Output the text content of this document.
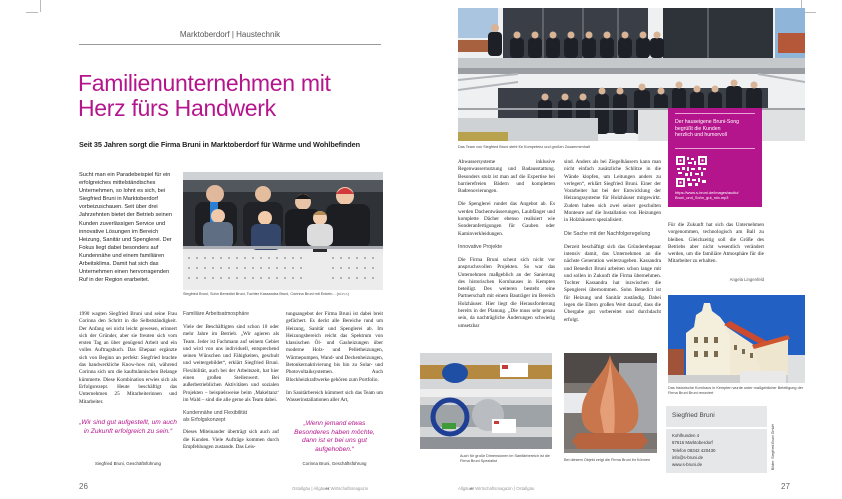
Marktoberdorf | Haustechnik
Familienunternehmen mit
Herz fürs Handwerk
Seit 35 Jahren sorgt die Firma Bruni in Marktoberdorf für Wärme und Wohlbefinden
Sucht man ein Paradebeispiel für ein erfolgreiches mittelständisches Unternehmen, so lohnt es sich, bei Siegfried Bruni in Marktoberdorf vorbeizuschauen. Seit über drei Jahrzehnten bietet der Betrieb seinen Kunden zuverlässigen Service und innovative Lösungen im Bereich Heizung, Sanitär und Spenglerei. Der Fokus liegt dabei besonders auf Kundennähe und einem familiären Arbeitsklima. Damit hat sich das Unternehmen einen hervorragenden Ruf in der Region erarbeitet.
Siegfried Bruni, Sohn Benedict Bruni, Tochter Kassandra Bruni, Corinna Bruni mit Enkeln... (v.l.n.r.)

1990 wagten Siegfried Bruni und seine Frau Corinna den Schritt in die Selbstständigkeit. Der Anfang sei nicht leicht gewesen, erinnert sich der Gründer, aber sie freuten sich vom ersten Tag an über genügend Arbeit und ein volles Auftragsbuch. Das Ehepaar ergänzte sich von Beginn an perfekt: Siegfried brachte das handwerkliche Know-how mit, während Corinna sich um die kaufmännischen Belange kümmerte. Diese Kombination erwies sich als Erfolgsrezept. Heute beschäftigt das Unternehmen 25 Mitarbeiterinnen und Mitarbeiter.

„Wir sind gut aufgestellt, um auch in Zukunft erfolgreich zu sein.“
Siegfried Bruni, Geschäftsführung
Familiäre Arbeitsatmosphäre

Viele der Beschäftigten sind schon 10 oder mehr Jahre im Betrieb. „Wir agieren als Team. Jeder ist Fachmann auf seinem Gebiet und wird von uns individuell, entsprechend seinen Wünschen und Fähigkeiten, geschult und weitergebildet“, erklärt Siegfried Bruni. Flexibilität, auch bei der Arbeitszeit, hat hier einen großen Stellenwert. Bei außerbetrieblichen Aktivitäten und sozialen Projekten – beispielsweise beim ‚Makeltanz‘ im Wald – sind die alle gerne als Team dabei.

Kundennähe und Flexibilität
als Erfolgskonzept

Dieses Miteinander überträgt sich auch auf die Kunden. Viele Aufträge kommen durch Empfehlungen zustande. Das Leis-

tungsangebot der Firma Bruni ist dabei breit gefächert. Es deckt alle Bereiche rund um Heizung, Sanitär und Spenglerei ab. Im Heizungsbereich reicht das Spektrum von klassischen Öl- und Gasheizungen über moderne Holz- und Pelletheizungen, Wärmepumpen, Wand- und Deckenheizungen, Betonkernaktivierung bis hin zu Solar- und Photovoltaiksystemen. Auch Blockheizkraftwerke gehören zum Portfolio.

Im Sanitärbereich kümmert sich das Team um Wasserinstallationen aller Art,

„Wenn jemand etwas Besonderes haben möchte, dann ist er bei uns gut aufgehoben.“
Corinna Bruni, Geschäftsführung
26	Ostallgäu | Allgäuer Wirtschaftsmagazin
Das Team von Siegfried Bruni steht für Kompetenz und großen Zusammenhalt
Der hauseigene Bruni-Song
begrüßt die Kunden
herzlich und humorvoll
https://www.s-bruni.de/images/audio/
Bruni_und_Sohn_gut_mix.mp3

Abwassersysteme inklusive Regenwassernutzung und Badausstattung. Besonders stolz ist man auf die Expertise bei barrierefreien Bädern und kompletten Badrenovierungen.

Die Spenglerei rundet das Angebot ab. Es werden Dachentwässerungen, Laubfänger und komplette Dächer ebenso realisiert wie Sonderanfertigungen für Gauben oder Kaminverkleidungen.

Innovative Projekte

Die Firma Bruni scheut sich nicht vor anspruchsvollen Projekten. So war das Unternehmen maßgeblich an der Sanierung des historischen Kornhauses in Kempten beteiligt. Des weiteren besteht eine Partnerschaft mit einem Bauträger im Bereich Holzhäuser. Hier liegt die Herausforderung bereits in der Planung. „Die muss sehr genau sein, da nachträgliche Änderungen schwierig umsetzbar

sind. Anders als bei Ziegelhäusern kann man nicht einfach zusätzliche Schlitze in die Wände klopfen, um Leitungen anders zu verlegen“, erklärt Siegfried Bruni. Einer der Vorarbeiter hat bei der Entwicklung der Heizungssysteme für Holzhäuser mitgewirkt. Zudem haben sich zwei seiner geschulten Monteure auf die Installation von Heizungen in Holzhäusern spezialisiert.

Die Sache mit der Nachfolgeregelung

Derzeit beschäftigt sich das Gründerehepaar intensiv damit, das Unternehmen an die nächste Generation weiterzugeben. Kassandra und Benedict Bruni arbeiten schon lange mit und sollen in Zukunft die Firma übernehmen. Tochter Kassandra hat inzwischen die Spenglerei übernommen. Sohn Benedict ist für Heizung und Sanitär zuständig. Dabei legen die Eltern großen Wert darauf, dass die Übergabe gut vorbereitet und durchdacht erfolgt.

Für die Zukunft hat sich das Unternehmen vorgenommen, technologisch am Ball zu bleiben. Gleichzeitig soll die Größe des Betriebs aber nicht wesentlich verändert werden, um die familiäre Atmosphäre für die Mitarbeiter zu erhalten.

Angela Lingenfeld
Auch für große Dimensionen im Sanitärbereich ist die Firma Bruni Spezialist	Bei diesem Objekt zeigt die Firma Bruni ihr Können
Das historische Kornhaus in Kempten wurde unter maßgeblicher Beteiligung der Firma Bruni Bruni renoviert
Siegfried Bruni
Kohlhunden 4
87616 Marktoberdorf
Telefon 08342 420430
info@s-bruni.de
www.s-bruni.de	Bilder: Siegfried Bruni GmbH
27
Allgäuer Wirtschaftsmagazin | Ostallgäu
